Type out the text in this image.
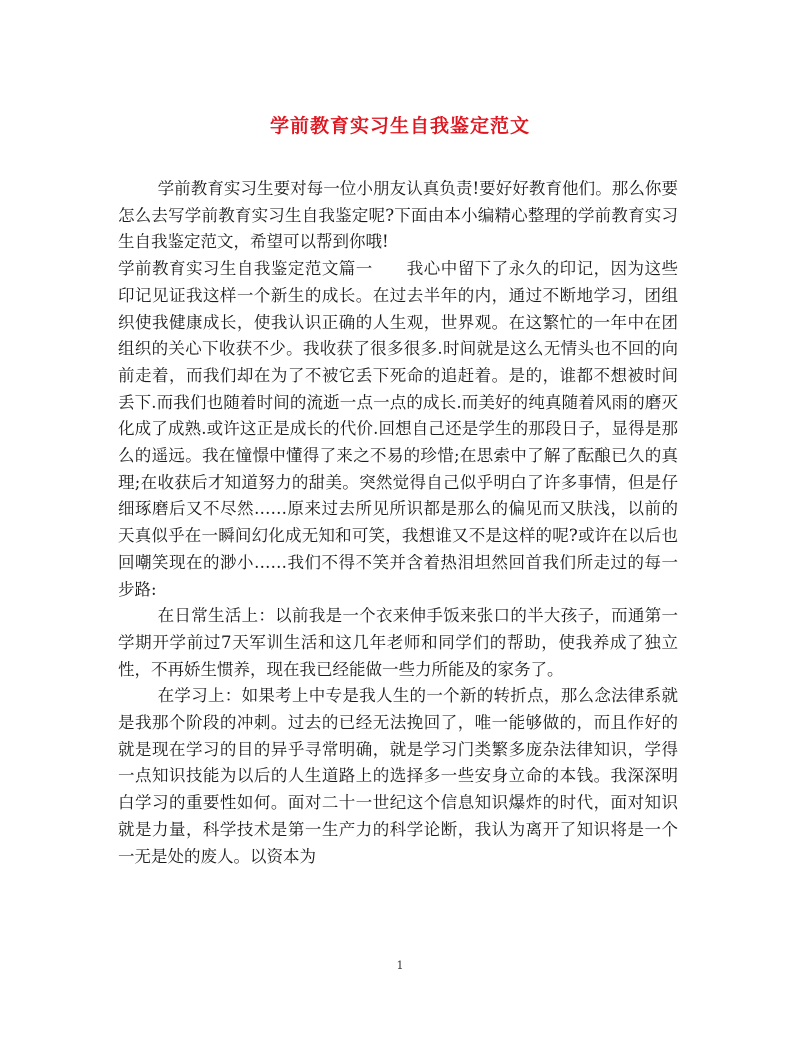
学前教育实习生自我鉴定范文

学前教育实习生要对每一位小朋友认真负责!要好好教育他们。那么你要怎么去写学前教育实习生自我鉴定呢?下面由本小编精心整理的学前教育实习生自我鉴定范文，希望可以帮到你哦!

学前教育实习生自我鉴定范文篇一　　 我心中留下了永久的印记，因为这些印记见证我这样一个新生的成长。在过去半年的内，通过不断地学习，团组织使我健康成长，使我认识正确的人生观，世界观。在这繁忙的一年中在团组织的关心下收获不少。我收获了很多很多.时间就是这么无情头也不回的向前走着，而我们却在为了不被它丢下死命的追赶着。是的，谁都不想被时间丢下.而我们也随着时间的流逝一点一点的成长.而美好的纯真随着风雨的磨灭化成了成熟.或许这正是成长的代价.回想自己还是学生的那段日子，显得是那么的遥远。我在憧憬中懂得了来之不易的珍惜;在思索中了解了酝酿已久的真理;在收获后才知道努力的甜美。突然觉得自己似乎明白了许多事情，但是仔细琢磨后又不尽然……原来过去所见所识都是那么的偏见而又肤浅，以前的天真似乎在一瞬间幻化成无知和可笑，我想谁又不是这样的呢?或许在以后也回嘲笑现在的渺小……我们不得不笑并含着热泪坦然回首我们所走过的每一步路:

在日常生活上：以前我是一个衣来伸手饭来张口的半大孩子，而通第一学期开学前过7天军训生活和这几年老师和同学们的帮助，使我养成了独立性，不再娇生惯养，现在我已经能做一些力所能及的家务了。

在学习上：如果考上中专是我人生的一个新的转折点，那么念法律系就是我那个阶段的冲刺。过去的已经无法挽回了，唯一能够做的，而且作好的就是现在学习的目的异乎寻常明确，就是学习门类繁多庞杂法律知识，学得一点知识技能为以后的人生道路上的选择多一些安身立命的本钱。我深深明白学习的重要性如何。面对二十一世纪这个信息知识爆炸的时代，面对知识就是力量，科学技术是第一生产力的科学论断，我认为离开了知识将是一个一无是处的废人。以资本为

1
